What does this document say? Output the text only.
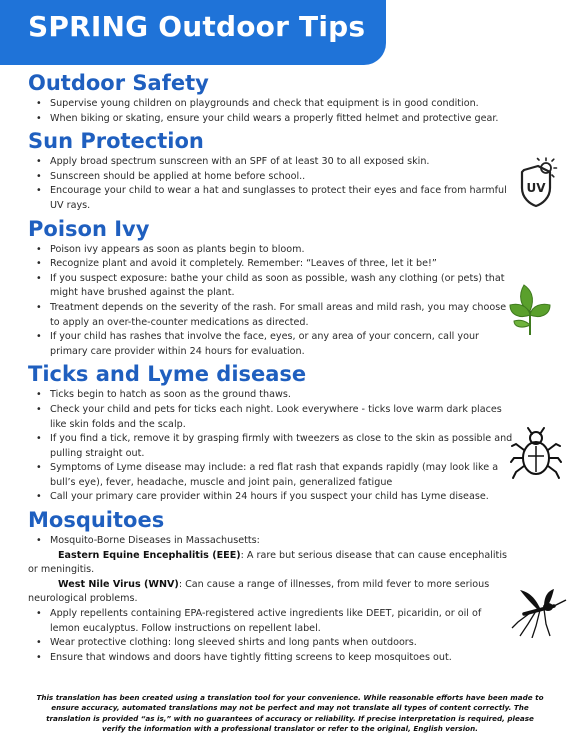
SPRING Outdoor Tips
Outdoor Safety
• Supervise young children on playgrounds and check that equipment is in good condition.
• When biking or skating, ensure your child wears a properly fitted helmet and protective gear.
Sun Protection
• Apply broad spectrum sunscreen with an SPF of at least 30 to all exposed skin.
• Sunscreen should be applied at home before school..
• Encourage your child to wear a hat and sunglasses to protect their eyes and face from harmful UV rays.
Poison Ivy
• Poison ivy appears as soon as plants begin to bloom.
• Recognize plant and avoid it completely. Remember: “Leaves of three, let it be!”
• If you suspect exposure: bathe your child as soon as possible, wash any clothing (or pets) that might have brushed against the plant.
• Treatment depends on the severity of the rash. For small areas and mild rash, you may choose to apply an over-the-counter medications as directed.
• If your child has rashes that involve the face, eyes, or any area of your concern, call your primary care provider within 24 hours for evaluation.
Ticks and Lyme disease
• Ticks begin to hatch as soon as the ground thaws.
• Check your child and pets for ticks each night. Look everywhere - ticks love warm dark places like skin folds and the scalp.
• If you find a tick, remove it by grasping firmly with tweezers as close to the skin as possible and pulling straight out.
• Symptoms of Lyme disease may include: a red flat rash that expands rapidly (may look like a bull’s eye), fever, headache, muscle and joint pain, generalized fatigue
• Call your primary care provider within 24 hours if you suspect your child has Lyme disease.
Mosquitoes
• Mosquito-Borne Diseases in Massachusetts:
Eastern Equine Encephalitis (EEE): A rare but serious disease that can cause encephalitis or meningitis.
West Nile Virus (WNV): Can cause a range of illnesses, from mild fever to more serious neurological problems.
• Apply repellents containing EPA-registered active ingredients like DEET, picaridin, or oil of lemon eucalyptus. Follow instructions on repellent label.
• Wear protective clothing: long sleeved shirts and long pants when outdoors.
• Ensure that windows and doors have tightly fitting screens to keep mosquitoes out.
UV
This translation has been created using a translation tool for your convenience. While reasonable efforts have been made to ensure accuracy, automated translations may not be perfect and may not translate all types of content correctly. The translation is provided “as is,” with no guarantees of accuracy or reliability. If precise interpretation is required, please verify the information with a professional translator or refer to the original, English version.
